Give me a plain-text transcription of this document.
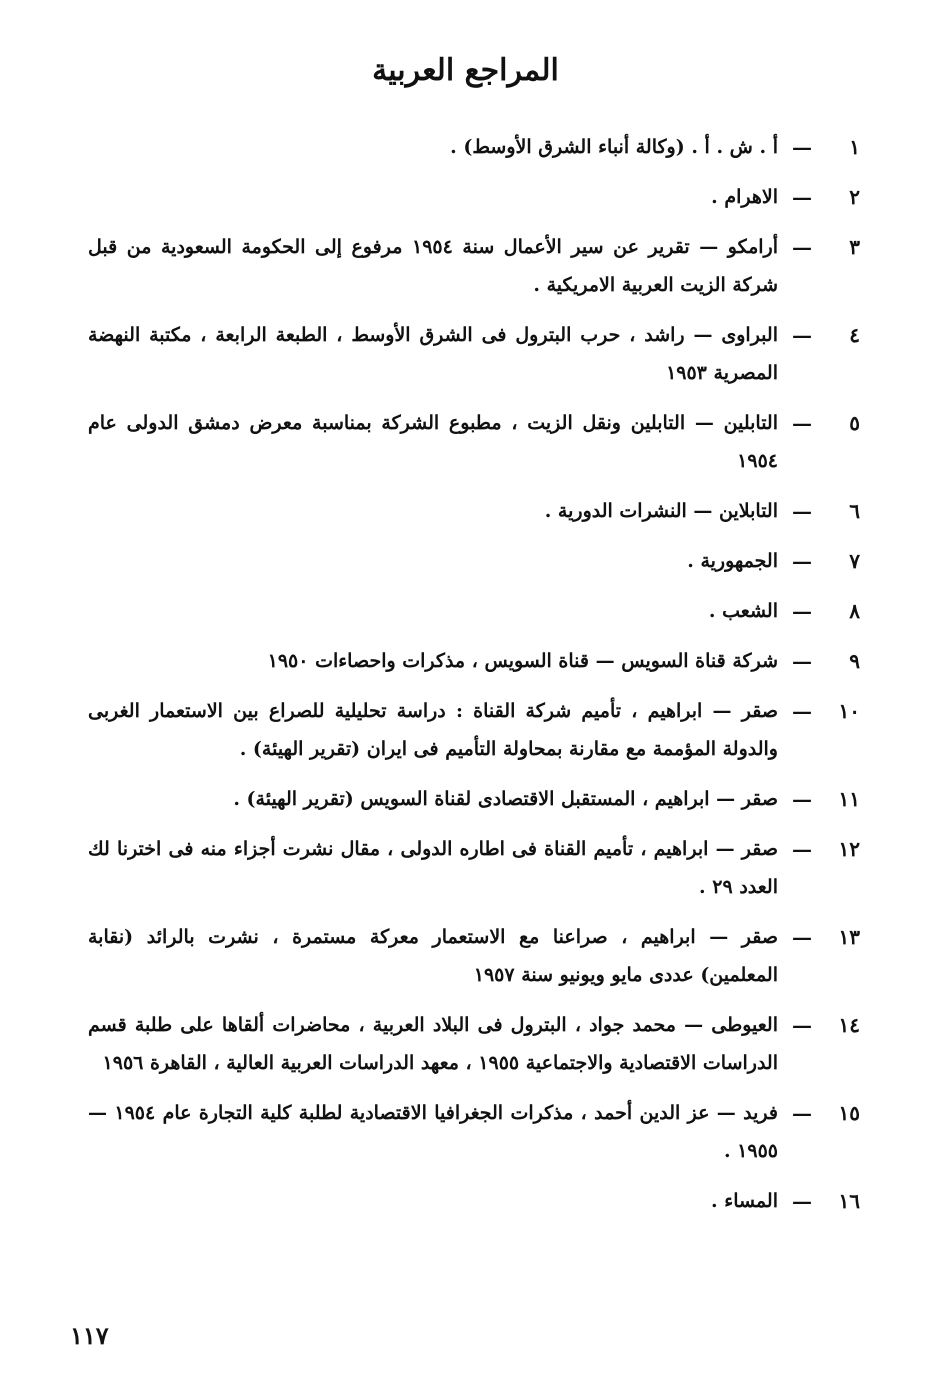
المراجع العربية
١
—
أ . ش . أ . (وكالة أنباء الشرق الأوسط) .
٢
—
الاهرام .
٣
—
أرامكو — تقرير عن سير الأعمال سنة ١٩٥٤ مرفوع إلى الحكومة السعودية من قبل شركة الزيت العربية الامريكية .
٤
—
البراوى — راشد ، حرب البترول فى الشرق الأوسط ، الطبعة الرابعة ، مكتبة النهضة المصرية ١٩٥٣
٥
—
التابلين — التابلين ونقل الزيت ، مطبوع الشركة بمناسبة معرض دمشق الدولى عام ١٩٥٤
٦
—
التابلاين — النشرات الدورية .
٧
—
الجمهورية .
٨
—
الشعب .
٩
—
شركة قناة السويس — قناة السويس ، مذكرات واحصاءات ١٩٥٠
١٠
—
صقر — ابراهيم ، تأميم شركة القناة : دراسة تحليلية للصراع بين الاستعمار الغربى والدولة المؤممة مع مقارنة بمحاولة التأميم فى ايران (تقرير الهيئة) .
١١
—
صقر — ابراهيم ، المستقبل الاقتصادى لقناة السويس (تقرير الهيئة) .
١٢
—
صقر — ابراهيم ، تأميم القناة فى اطاره الدولى ، مقال نشرت أجزاء منه فى اخترنا لك العدد ٢٩ .
١٣
—
صقر — ابراهيم ، صراعنا مع الاستعمار معركة مستمرة ، نشرت بالرائد (نقابة المعلمين) عددى مايو ويونيو سنة ١٩٥٧
١٤
—
العيوطى — محمد جواد ، البترول فى البلاد العربية ، محاضرات ألقاها على طلبة قسم الدراسات الاقتصادية والاجتماعية ١٩٥٥ ، معهد الدراسات العربية العالية ، القاهرة ١٩٥٦
١٥
—
فريد — عز الدين أحمد ، مذكرات الجغرافيا الاقتصادية لطلبة كلية التجارة عام ١٩٥٤ — ١٩٥٥ .
١٦
—
المساء .
١١٧
